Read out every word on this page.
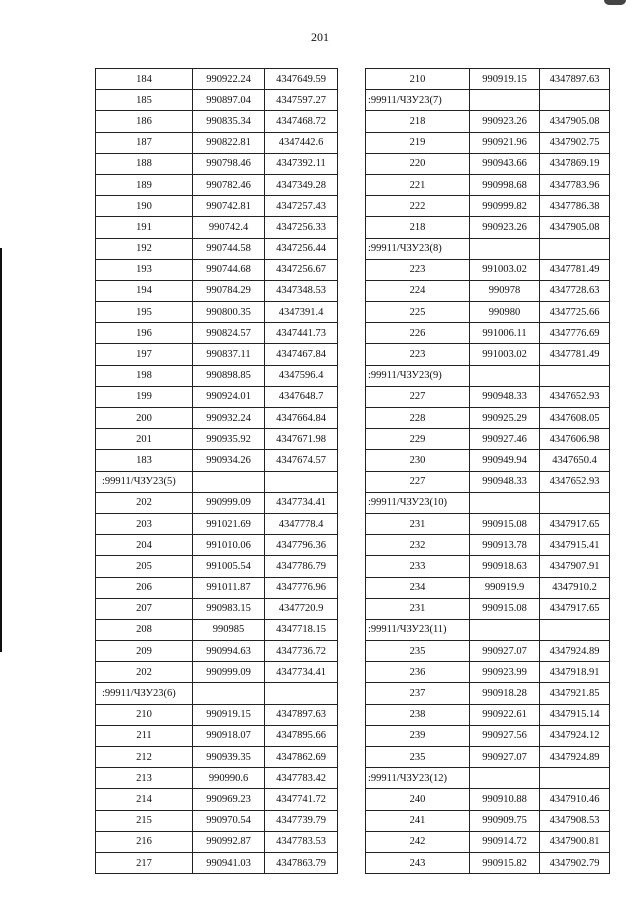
201
184	990922.24	4347649.59
185	990897.04	4347597.27
186	990835.34	4347468.72
187	990822.81	4347442.6
188	990798.46	4347392.11
189	990782.46	4347349.28
190	990742.81	4347257.43
191	990742.4	4347256.33
192	990744.58	4347256.44
193	990744.68	4347256.67
194	990784.29	4347348.53
195	990800.35	4347391.4
196	990824.57	4347441.73
197	990837.11	4347467.84
198	990898.85	4347596.4
199	990924.01	4347648.7
200	990932.24	4347664.84
201	990935.92	4347671.98
183	990934.26	4347674.57
:99911/ЧЗУ23(5)		
202	990999.09	4347734.41
203	991021.69	4347778.4
204	991010.06	4347796.36
205	991005.54	4347786.79
206	991011.87	4347776.96
207	990983.15	4347720.9
208	990985	4347718.15
209	990994.63	4347736.72
202	990999.09	4347734.41
:99911/ЧЗУ23(6)		
210	990919.15	4347897.63
211	990918.07	4347895.66
212	990939.35	4347862.69
213	990990.6	4347783.42
214	990969.23	4347741.72
215	990970.54	4347739.79
216	990992.87	4347783.53
217	990941.03	4347863.79
210	990919.15	4347897.63
:99911/ЧЗУ23(7)		
218	990923.26	4347905.08
219	990921.96	4347902.75
220	990943.66	4347869.19
221	990998.68	4347783.96
222	990999.82	4347786.38
218	990923.26	4347905.08
:99911/ЧЗУ23(8)		
223	991003.02	4347781.49
224	990978	4347728.63
225	990980	4347725.66
226	991006.11	4347776.69
223	991003.02	4347781.49
:99911/ЧЗУ23(9)		
227	990948.33	4347652.93
228	990925.29	4347608.05
229	990927.46	4347606.98
230	990949.94	4347650.4
227	990948.33	4347652.93
:99911/ЧЗУ23(10)		
231	990915.08	4347917.65
232	990913.78	4347915.41
233	990918.63	4347907.91
234	990919.9	4347910.2
231	990915.08	4347917.65
:99911/ЧЗУ23(11)		
235	990927.07	4347924.89
236	990923.99	4347918.91
237	990918.28	4347921.85
238	990922.61	4347915.14
239	990927.56	4347924.12
235	990927.07	4347924.89
:99911/ЧЗУ23(12)		
240	990910.88	4347910.46
241	990909.75	4347908.53
242	990914.72	4347900.81
243	990915.82	4347902.79
